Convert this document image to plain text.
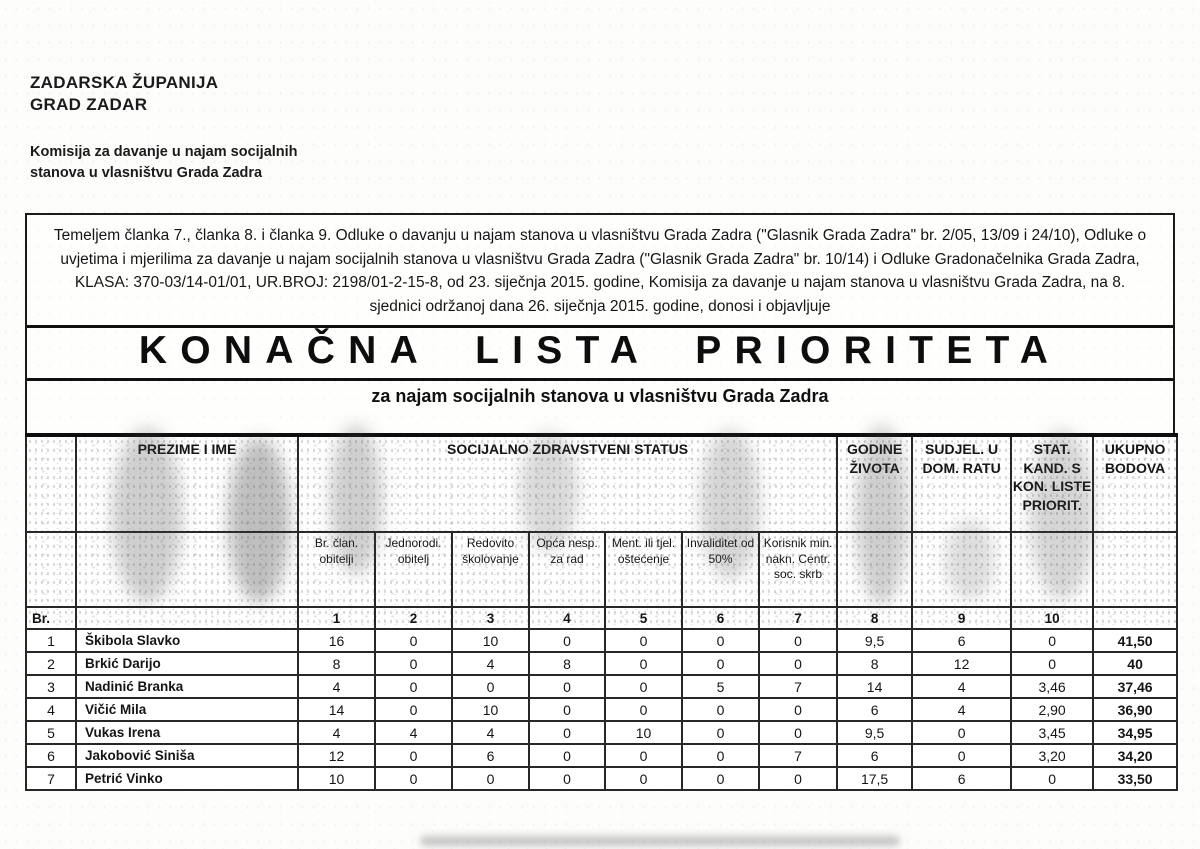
ZADARSKA ŽUPANIJA
GRAD ZADAR
Komisija za davanje u najam socijalnih
stanova u vlasništvu Grada Zadra
Temeljem članka 7., članka 8. i članka 9. Odluke o davanju u najam stanova u vlasništvu Grada Zadra ("Glasnik Grada Zadra" br. 2/05, 13/09 i 24/10), Odluke o uvjetima i mjerilima za davanje u najam socijalnih stanova u vlasništvu Grada Zadra ("Glasnik Grada Zadra" br. 10/14) i Odluke Gradonačelnika Grada Zadra, KLASA: 370-03/14-01/01, UR.BROJ: 2198/01-2-15-8, od 23. siječnja 2015. godine, Komisija za davanje u najam stanova u vlasništvu Grada Zadra, na 8. sjednici održanoj dana 26. siječnja 2015. godine, donosi i objavljuje
KONAČNA LISTA PRIORITETA
za najam socijalnih stanova u vlasništvu Grada Zadra
	PREZIME I IME	SOCIJALNO ZDRAVSTVENI STATUS							GODINE ŽIVOTA	SUDJEL. U DOM. RATU	STAT. KAND. S KON. LISTE PRIORIT.	UKUPNO BODOVA
		Br. član. obitelji	Jednorodi. obitelj	Redovito školovanje	Opća nesp. za rad	Ment. ili tjel. oštećenje	Invaliditet od 50%	Korisnik min. nakn. Centr. soc. skrb				
Br.		1	2	3	4	5	6	7	8	9	10	
1	Škibola Slavko	16	0	10	0	0	0	0	9,5	6	0	41,50
2	Brkić Darijo	8	0	4	8	0	0	0	8	12	0	40
3	Nadinić Branka	4	0	0	0	0	5	7	14	4	3,46	37,46
4	Vičić Mila	14	0	10	0	0	0	0	6	4	2,90	36,90
5	Vukas Irena	4	4	4	0	10	0	0	9,5	0	3,45	34,95
6	Jakobović Siniša	12	0	6	0	0	0	7	6	0	3,20	34,20
7	Petrić Vinko	10	0	0	0	0	0	0	17,5	6	0	33,50
